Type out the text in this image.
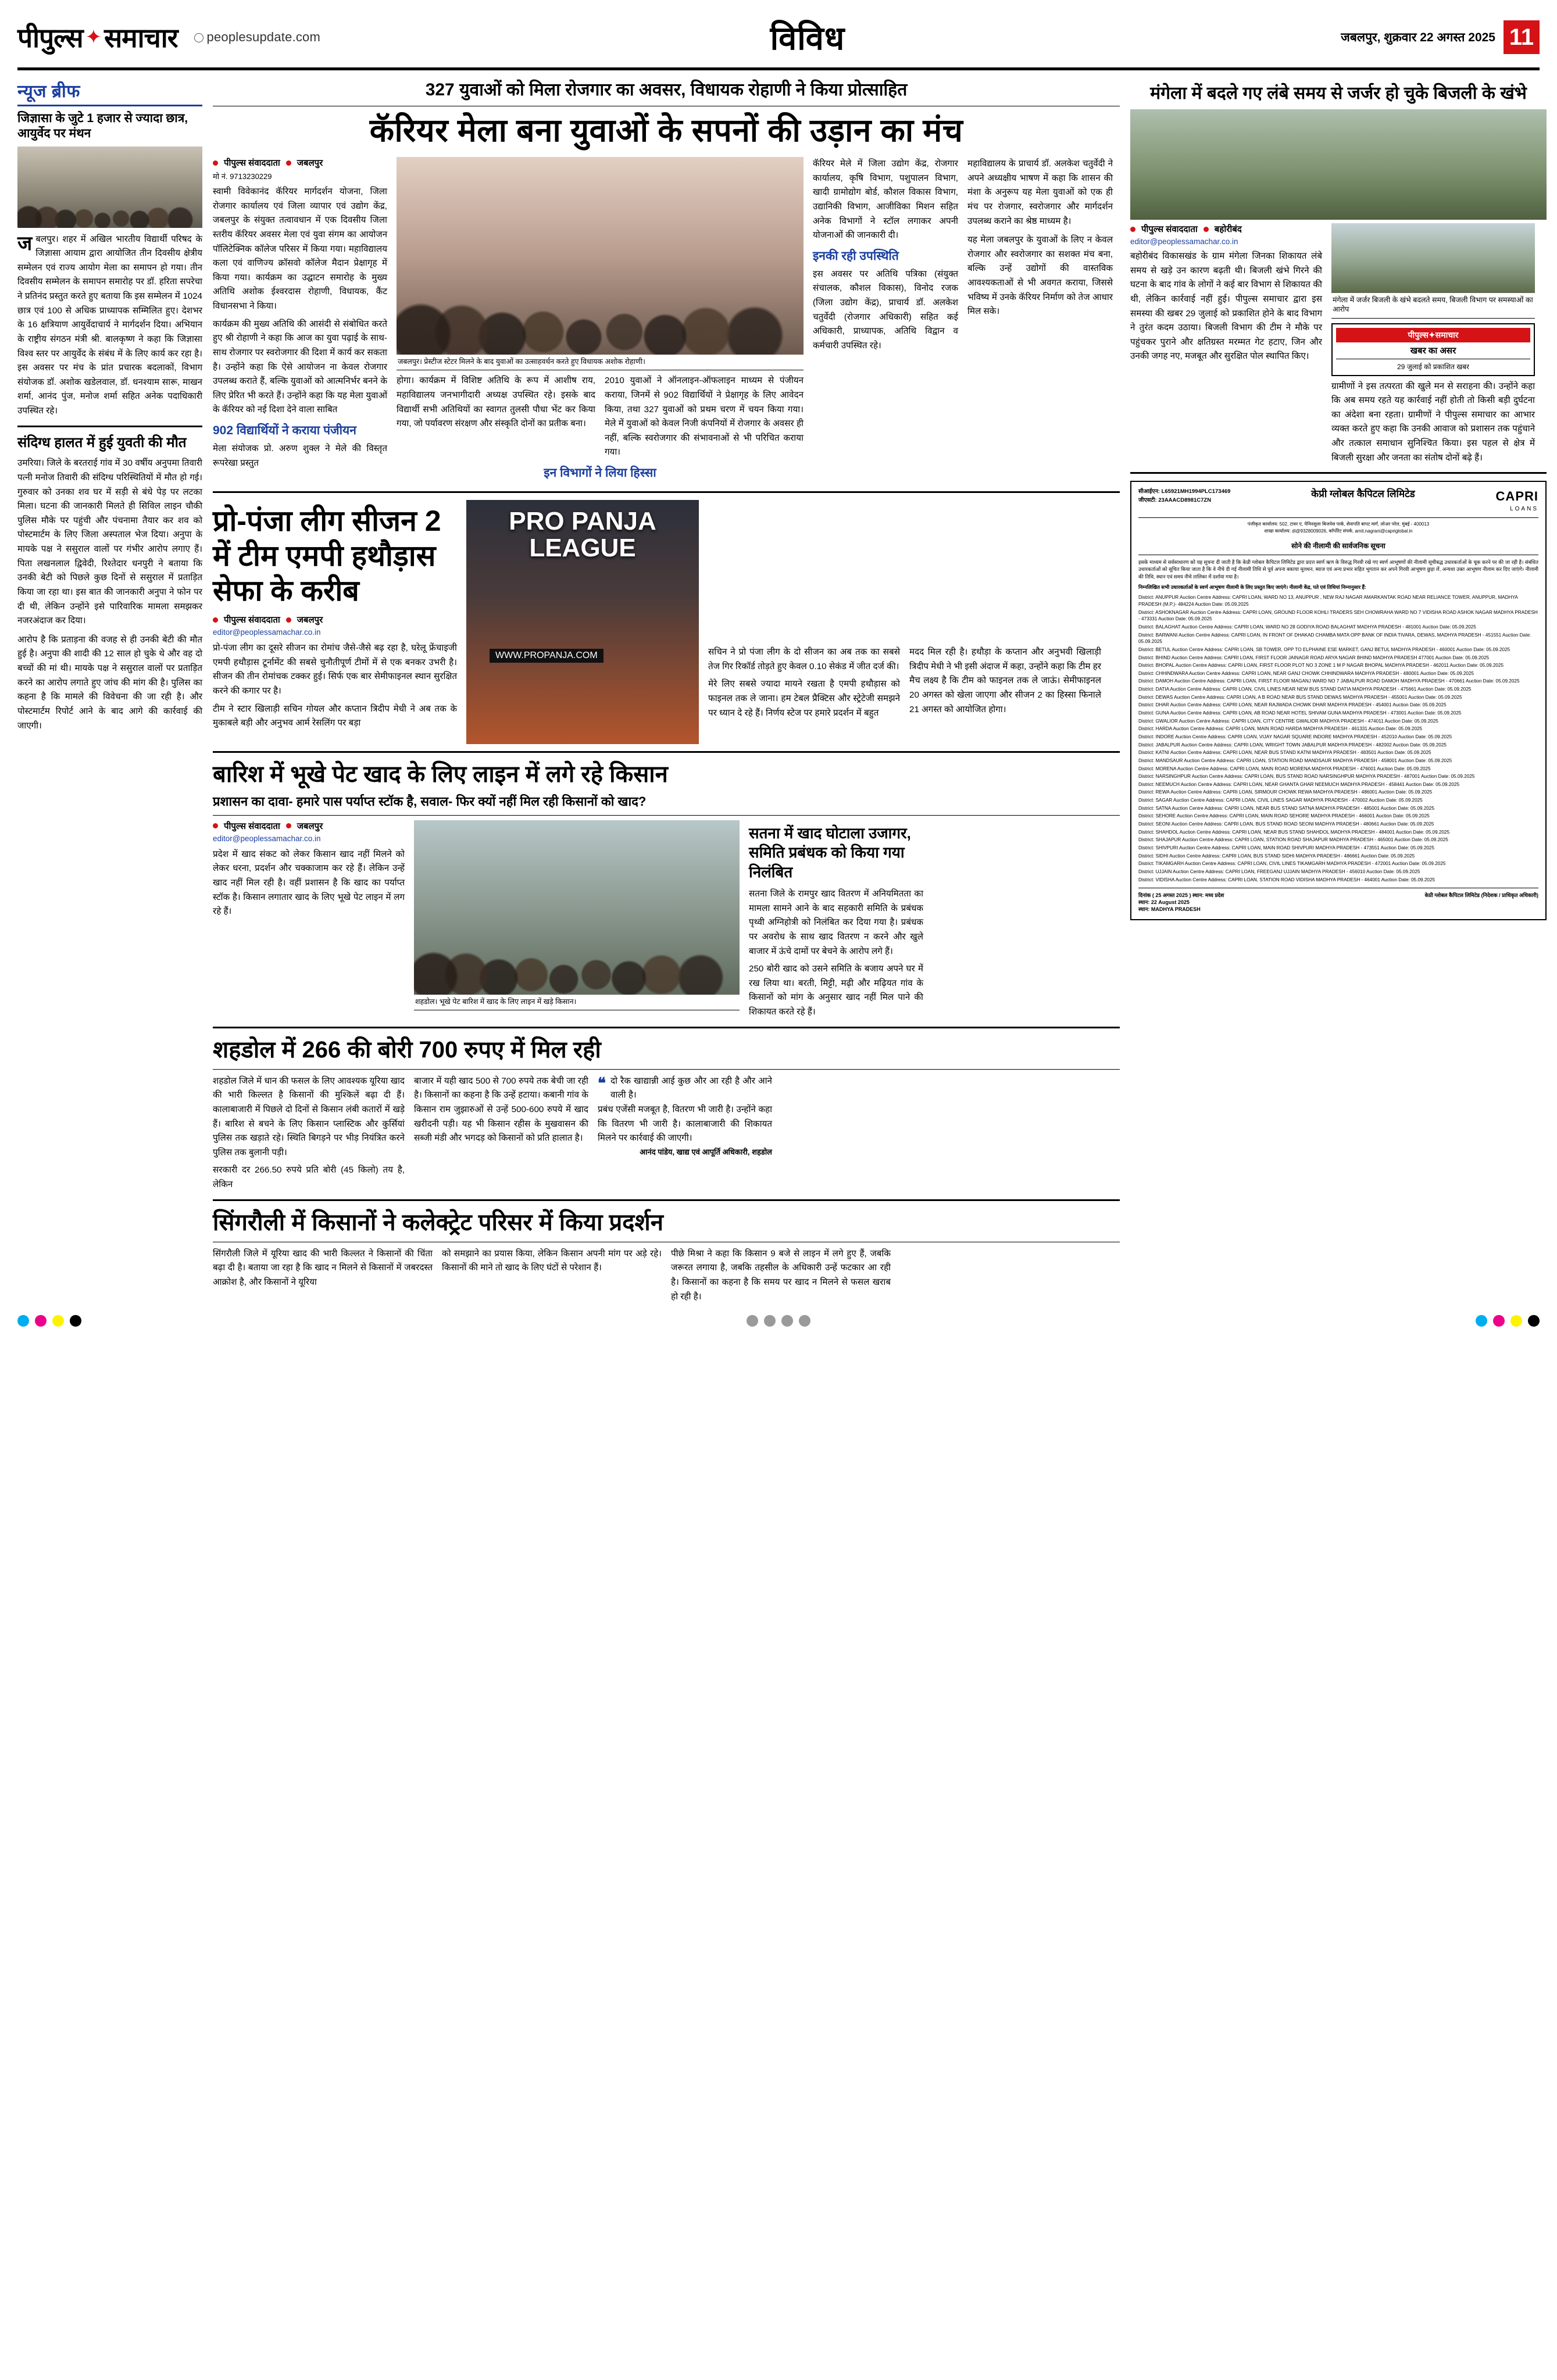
पीपुल्स ✦ समाचार	peoplesupdate.com	विविध	जबलपुर, शुक्रवार 22 अगस्त 2025 11
न्यूज ब्रीफ
जिज्ञासा के जुटे 1 हजार से ज्यादा छात्र, आयुर्वेद पर मंथन
जबलपुर। शहर में अखिल भारतीय विद्यार्थी परिषद के जिज्ञासा आयाम द्वारा आयोजित तीन दिवसीय क्षेत्रीय सम्मेलन एवं राज्य आयोग मेला का समापन हो गया। तीन दिवसीय सम्मेलन के समापन समारोह पर डॉ. हरिता सपरेचा ने प्रतिनंद प्रस्तुत करते हुए बताया कि इस सम्मेलन में 1024 छात्र एवं 100 से अधिक प्राध्यापक सम्मिलित हुए। देशभर के 16 क्षत्रियाण आयुर्वेदाचार्य ने मार्गदर्शन दिया। अभियान के राष्ट्रीय संगठन मंत्री श्री. बालकृष्ण ने कहा कि जिज्ञासा विश्व स्तर पर आयुर्वेद के संबंध में के लिए कार्य कर रहा है। इस अवसर पर मंच के प्रांत प्रचारक बदलाकों, विभाग संयोजक डॉ. अशोक खडेलवाल, डॉ. धनश्याम सारू, माखन शर्मा, आनंद पुंज, मनोज शर्मा सहित अनेक पदाधिकारी उपस्थित रहे।
संदिग्ध हालत में हुई युवती की मौत
उमरिया। जिले के बरतराई गांव में 30 वर्षीय अनुपमा तिवारी पत्नी मनोज तिवारी की संदिग्ध परिस्थितियों में मौत हो गई। गुरुवार को उनका शव घर में सड़ी से बंधे पेड़ पर लटका मिला। घटना की जानकारी मिलते ही सिविल लाइन चौकी पुलिस मौके पर पहुंची और पंचनामा तैयार कर शव को पोस्टमार्टम के लिए जिला अस्पताल भेज दिया। अनुपा के मायके पक्ष ने ससुराल वालों पर गंभीर आरोप लगाए हैं। पिता लखनलाल द्विवेदी, रिश्तेदार धनपुरी ने बताया कि उनकी बेटी को पिछले कुछ दिनों से ससुराल में प्रताड़ित किया जा रहा था। इस बात की जानकारी अनुपा ने फोन पर दी थी, लेकिन उन्होंने इसे पारिवारिक मामला समझकर नजरअंदाज कर दिया।
आरोप है कि प्रताड़ना की वजह से ही उनकी बेटी की मौत हुई है। अनुपा की शादी की 12 साल हो चुके थे और वह दो बच्चों की मां थी। मायके पक्ष ने ससुराल वालों पर प्रताड़ित करने का आरोप लगाते हुए जांच की मांग की है। पुलिस का कहना है कि मामले की विवेचना की जा रही है। और पोस्टमार्टम रिपोर्ट आने के बाद आगे की कार्रवाई की जाएगी।
327 युवाओं को मिला रोजगार का अवसर, विधायक रोहाणी ने किया प्रोत्साहित
कॅरियर मेला बना युवाओं के सपनों की उड़ान का मंच
पीपुल्स संवाददाता जबलपुर
मो नं. 9713230229
स्वामी विवेकानंद कॅरियर मार्गदर्शन योजना, जिला रोजगार कार्यालय एवं जिला व्यापार एवं उद्योग केंद्र, जबलपुर के संयुक्त तत्वावधान में एक दिवसीय जिला स्तरीय कॅरियर अवसर मेला एवं युवा संगम का आयोजन पॉलिटेक्निक कॉलेज परिसर में किया गया। महाविद्यालय कला एवं वाणिज्य क्रॉसवो कॉलेज मैदान प्रेक्षागृह में किया गया। कार्यक्रम का उद्घाटन समारोह के मुख्य अतिथि अशोक ईश्वरदास रोहाणी, विधायक, कैंट विधानसभा ने किया।
कार्यक्रम की मुख्य अतिथि की आसंदी से संबोधित करते हुए श्री रोहाणी ने कहा कि आज का युवा पढ़ाई के साथ-साथ रोजगार पर स्वरोजगार की दिशा में कार्य कर सकता है। उन्होंने कहा कि ऐसे आयोजन ना केवल रोजगार उपलब्ध कराते हैं, बल्कि युवाओं को आत्मनिर्भर बनने के लिए प्रेरित भी करते हैं। उन्होंने कहा कि यह मेला युवाओं के कॅरियर को नई दिशा देने वाला साबित
902 विद्यार्थियों ने कराया पंजीयन
मेला संयोजक प्रो. अरुण शुक्ल ने मेले की विस्तृत रूपरेखा प्रस्तुत
जबलपुर। प्रेस्टीज स्टेटर मिलने के बाद युवाओं का उत्साहवर्धन करते हुए विधायक अशोक रोहाणी।
होगा। कार्यक्रम में विशिष्ट अतिथि के रूप में आशीष राय, महाविद्यालय जनभागीदारी अध्यक्ष उपस्थित रहे। इसके बाद विद्यार्थी सभी अतिथियों का स्वागत तुलसी पौधा भेंट कर किया गया, जो पर्यावरण संरक्षण और संस्कृति दोनों का प्रतीक बना।
2010 युवाओं ने ऑनलाइन-ऑफलाइन माध्यम से पंजीयन कराया, जिनमें से 902 विद्यार्थियों ने प्रेक्षागृह के लिए आवेदन किया, तथा 327 युवाओं को प्रथम चरण में चयन किया गया। मेले में युवाओं को केवल निजी कंपनियों में रोजगार के अवसर ही नहीं, बल्कि स्वरोजगार की संभावनाओं से भी परिचित कराया गया।
इन विभागों ने लिया हिस्सा
कॅरियर मेले में जिला उद्योग केंद्र, रोजगार कार्यालय, कृषि विभाग, पशुपालन विभाग, खादी ग्रामोद्योग बोर्ड, कौशल विकास विभाग, उद्यानिकी विभाग, आजीविका मिशन सहित अनेक विभागों ने स्टॉल लगाकर अपनी योजनाओं की जानकारी दी।
इनकी रही उपस्थिति
इस अवसर पर अतिथि पत्रिका (संयुक्त संचालक, कौशल विकास), विनोद रजक (जिला उद्योग केंद्र), प्राचार्य डॉ. अलकेश चतुर्वेदी (रोजगार अधिकारी) सहित कई अधिकारी, प्राध्यापक, अतिथि विद्वान व कर्मचारी उपस्थित रहे।
महाविद्यालय के प्राचार्य डॉ. अलकेश चतुर्वेदी ने अपने अध्यक्षीय भाषण में कहा कि शासन की मंशा के अनुरूप यह मेला युवाओं को एक ही मंच पर रोजगार, स्वरोजगार और मार्गदर्शन उपलब्ध कराने का श्रेष्ठ माध्यम है।
यह मेला जबलपुर के युवाओं के लिए न केवल रोजगार और स्वरोजगार का सशक्त मंच बना, बल्कि उन्हें उद्योगों की वास्तविक आवश्यकताओं से भी अवगत कराया, जिससे भविष्य में उनके कॅरियर निर्माण को तेज आधार मिल सके।
प्रो-पंजा लीग सीजन 2 में टीम एमपी हथौड़ास सेफा के करीब
पीपुल्स संवाददाता जबलपुर
editor@peoplessamachar.co.in
प्रो-पंजा लीग का दूसरे सीजन का रोमांच जैसे-जैसे बढ़ रहा है, घरेलू फ्रेंचाइजी एमपी हथौड़ास टूर्नामेंट की सबसे चुनौतीपूर्ण टीमों में से एक बनकर उभरी है। सीजन की तीन रोमांचक टक्कर हुई। सिर्फ एक बार सेमीफाइनल स्थान सुरक्षित करने की कगार पर है।
टीम ने स्टार खिलाड़ी सचिन गोयल और कप्तान त्रिदीप मेधी ने अब तक के मुकाबले बड़ी और अनुभव आर्म रेसलिंग पर बड़ा
PRO PANJA LEAGUE
WWW.PROPANJA.COM	सचिन ने प्रो पंजा लीग के दो सीजन का अब तक का सबसे तेज गिर रिकॉर्ड तोड़ते हुए केवल 0.10 सेकंड में जीत दर्ज की।
मेरे लिए सबसे ज्यादा मायने रखता है एमपी हथौड़ास को फाइनल तक ले जाना। हम टेबल प्रैक्टिस और स्ट्रेटेजी समझने पर ध्यान दे रहे हैं। निर्णय स्टेज पर हमारे प्रदर्शन में बहुत
मदद मिल रही है। हथौड़ा के कप्तान और अनुभवी खिलाड़ी त्रिदीप मेधी ने भी इसी अंदाज में कहा, उन्होंने कहा कि टीम हर मैच लक्ष्य है कि टीम को फाइनल तक ले जाऊं। सेमीफाइनल 20 अगस्त को खेला जाएगा और सीजन 2 का हिस्सा फिनाले 21 अगस्त को आयोजित होगा।
बारिश में भूखे पेट खाद के लिए लाइन में लगे रहे किसान
प्रशासन का दावा- हमारे पास पर्याप्त स्टॉक है, सवाल- फिर क्यों नहीं मिल रही किसानों को खाद?
पीपुल्स संवाददाता जबलपुर
editor@peoplessamachar.co.in
प्रदेश में खाद संकट को लेकर किसान खाद नहीं मिलने को लेकर धरना, प्रदर्शन और चक्काजाम कर रहे हैं। लेकिन उन्हें खाद नहीं मिल रही है। वहीं प्रशासन है कि खाद का पर्याप्त स्टॉक है। किसान लगातार खाद के लिए भूखे पेट लाइन में लग रहे हैं।
शहडोल। भूखे पेट बारिश में खाद के लिए लाइन में खड़े किसान।
सतना में खाद घोटाला उजागर, समिति प्रबंधक को किया गया निलंबित
सतना जिले के रामपुर खाद वितरण में अनियमितता का मामला सामने आने के बाद सहकारी समिति के प्रबंधक पृथ्वी अग्निहोत्री को निलंबित कर दिया गया है। प्रबंधक पर अवरोध के साथ खाद वितरण न करने और खुले बाजार में ऊंचे दामों पर बेचने के आरोप लगे हैं।
250 बोरी खाद को उसने समिति के बजाय अपने घर में रख लिया था। बरती, मिट्टी, मढ़ी और मढ़ियत गांव के किसानों को मांग के अनुसार खाद नहीं मिल पाने की शिकायत करते रहे हैं।
शहडोल में 266 की बोरी 700 रुपए में मिल रही
शहडोल जिले में धान की फसल के लिए आवश्यक यूरिया खाद की भारी किल्लत है किसानों की मुश्किलें बढ़ा दी हैं। कालाबाजारी में पिछले दो दिनों से किसान लंबी कतारों में खड़े हैं। बारिश से बचने के लिए किसान प्लास्टिक और कुर्सियां पुलिस तक खड़ाते रहे। स्थिति बिगड़ने पर भीड़ नियंत्रित करने पुलिस तक बुलानी पड़ी।
सरकारी दर 266.50 रुपये प्रति बोरी (45 किलो) तय है, लेकिन
बाजार में यही खाद 500 से 700 रुपये तक बेची जा रही है। किसानों का कहना है कि उन्हें हटाया। कबानी गांव के किसान राम जुझारुओं से उन्हें 500-600 रुपये में खाद खरीदनी पड़ी। यह भी किसान रहीस के मुखवासन की सब्जी मंडी और भगदड़ को किसानों को प्रति हालात है।
❝ दो रैक खाद्यान्नी आई कुछ और आ रही है और आने वाली है।
प्रबंध एजेंसी मजबूत है, वितरण भी जारी है। उन्होंने कहा कि वितरण भी जारी है। कालाबाजारी की शिकायत मिलने पर कार्रवाई की जाएगी।
आनंद पांडेय, खाद्य एवं आपूर्ति अधिकारी, शहडोल
सिंगरौली में किसानों ने कलेक्ट्रेट परिसर में किया प्रदर्शन
सिंगरौली जिले में यूरिया खाद की भारी किल्लत ने किसानों की चिंता बढ़ा दी है। बताया जा रहा है कि खाद न मिलने से किसानों में जबरदस्त आक्रोश है, और किसानों ने यूरिया
को समझाने का प्रयास किया, लेकिन किसान अपनी मांग पर अड़े रहे। किसानों की माने तो खाद के लिए घंटों से परेशान हैं।
पीछे मिश्रा ने कहा कि किसान 9 बजे से लाइन में लगे हुए हैं, जबकि जरूरत लगाया है, जबकि तहसील के अधिकारी उन्हें फटकार आ रही है। किसानों का कहना है कि समय पर खाद न मिलने से फसल खराब हो रही है।
मंगेला में बदले गए लंबे समय से जर्जर हो चुके बिजली के खंभे
पीपुल्स संवाददाता बहोरीबंद
editor@peoplessamachar.co.in
बहोरीबंद विकासखंड के ग्राम मंगेला जिनका शिकायत लंबे समय से खड़े उन कारण बढ़ती थी। बिजली खंभे गिरने की घटना के बाद गांव के लोगों ने कई बार विभाग से शिकायत की थी, लेकिन कार्रवाई नहीं हुई। पीपुल्स समाचार द्वारा इस समस्या की खबर 29 जुलाई को प्रकाशित होने के बाद विभाग ने तुरंत कदम उठाया। बिजली विभाग की टीम ने मौके पर पहुंचकर पुराने और क्षतिग्रस्त मरम्मत गेट हटाए, जिन और उनकी जगह नए, मजबूत और सुरक्षित पोल स्थापित किए।
मंगेला में जर्जर बिजली के खंभे बदलते समय, बिजली विभाग पर समस्याओं का आरोप
पीपुल्स✦समाचार
खबर का असर
29 जुलाई को प्रकाशित खबर
ग्रामीणों ने इस तत्परता की खुले मन से सराहना की। उन्होंने कहा कि अब समय रहते यह कार्रवाई नहीं होती तो किसी बड़ी दुर्घटना का अंदेशा बना रहता। ग्रामीणों ने पीपुल्स समाचार का आभार व्यक्त करते हुए कहा कि उनकी आवाज को प्रशासन तक पहुंचाने और तत्काल समाधान सुनिश्चित किया। इस पहल से क्षेत्र में बिजली सुरक्षा और जनता का संतोष दोनों बढ़े हैं।
सीआईएन: L65921MH1994PLC173469
जीएसटी: 23AAACD8981C7ZN
केप्री ग्लोबल कैपिटल लिमिटेड	CAPRI
LOANS
पंजीकृत कार्यालय: 502, टावर ए, पेनिनसुला बिजनेस पार्क, सेनापति बापट मार्ग, लोअर परेल, मुंबई - 400013
शाखा कार्यालय: dl@9328009026, कॉर्पोरेट संपर्क, amit.nagrani@capriglobal.in
सोने की नीलामी की सार्वजनिक सूचना
इसके माध्यम से सर्वसाधारण को यह सूचना दी जाती है कि केप्री ग्लोबल कैपिटल लिमिटेड द्वारा प्रदत्त स्वर्ण ऋण के विरुद्ध गिरवी रखे गए स्वर्ण आभूषणों की नीलामी सूचीबद्ध उधारकर्ताओं के चूक करने पर की जा रही है। संबंधित उधारकर्ताओं को सूचित किया जाता है कि वे नीचे दी गई नीलामी तिथि से पूर्व अपना बकाया मूलधन, ब्याज एवं अन्य प्रभार सहित भुगतान कर अपने गिरवी आभूषण छुड़ा लें, अन्यथा उक्त आभूषण नीलाम कर दिए जाएंगे। नीलामी की तिथि, स्थान एवं समय नीचे तालिका में दर्शाया गया है।
निम्नलिखित सभी उधारकर्ताओं के स्वर्ण आभूषण नीलामी के लिए प्रस्तुत किए जाएंगे। नीलामी केंद्र, पते एवं तिथियां निम्नानुसार हैं:
District: ANUPPUR Auction Centre Address: CAPRI LOAN, WARD NO 13, ANUPPUR , NEW RAJ NAGAR AMARKANTAK ROAD NEAR RELIANCE TOWER, ANUPPUR, MADHYA PRADESH (M.P.)- 484224 Auction Date: 05.09.2025
District: ASHOKNAGAR Auction Centre Address: CAPRI LOAN, GROUND FLOOR KOHLI TRADERS SEH CHOWRAHA WARD NO 7 VIDISHA ROAD ASHOK NAGAR MADHYA PRADESH - 473331 Auction Date: 05.09.2025
District: BALAGHAT Auction Centre Address: CAPRI LOAN, WARD NO 28 GODIYA ROAD BALAGHAT MADHYA PRADESH - 481001 Auction Date: 05.09.2025
District: BARWANI Auction Centre Address: CAPRI LOAN, IN FRONT OF DHAKAD CHAMBA MATA OPP BANK OF INDIA TIVARA, DEWAS, MADHYA PRADESH - 451551 Auction Date: 05.09.2025
District: BETUL Auction Centre Address: CAPRI LOAN, SB TOWER, OPP TO ELPHAINE ESE MARKET, GANJ BETUL MADHYA PRADESH - 460001 Auction Date: 05.09.2025
District: BHIND Auction Centre Address: CAPRI LOAN, FIRST FLOOR JAINAGR ROAD ARYA NAGAR BHIND MADHYA PRADESH 477001 Auction Date: 05.09.2025
District: BHOPAL Auction Centre Address: CAPRI LOAN, FIRST FLOOR PLOT NO 3 ZONE 1 M P NAGAR BHOPAL MADHYA PRADESH - 462011 Auction Date: 05.09.2025
District: CHHINDWARA Auction Centre Address: CAPRI LOAN, NEAR GANJ CHOWK CHHINDWARA MADHYA PRADESH - 480001 Auction Date: 05.09.2025
District: DAMOH Auction Centre Address: CAPRI LOAN, FIRST FLOOR MAGANJ WARD NO 7 JABALPUR ROAD DAMOH MADHYA PRADESH - 470661 Auction Date: 05.09.2025
District: DATIA Auction Centre Address: CAPRI LOAN, CIVIL LINES NEAR NEW BUS STAND DATIA MADHYA PRADESH - 475661 Auction Date: 05.09.2025
District: DEWAS Auction Centre Address: CAPRI LOAN, A B ROAD NEAR BUS STAND DEWAS MADHYA PRADESH - 455001 Auction Date: 05.09.2025
District: DHAR Auction Centre Address: CAPRI LOAN, NEAR RAJWADA CHOWK DHAR MADHYA PRADESH - 454001 Auction Date: 05.09.2025
District: GUNA Auction Centre Address: CAPRI LOAN, AB ROAD NEAR HOTEL SHIVAM GUNA MADHYA PRADESH - 473001 Auction Date: 05.09.2025
District: GWALIOR Auction Centre Address: CAPRI LOAN, CITY CENTRE GWALIOR MADHYA PRADESH - 474011 Auction Date: 05.09.2025
District: HARDA Auction Centre Address: CAPRI LOAN, MAIN ROAD HARDA MADHYA PRADESH - 461331 Auction Date: 05.09.2025
District: INDORE Auction Centre Address: CAPRI LOAN, VIJAY NAGAR SQUARE INDORE MADHYA PRADESH - 452010 Auction Date: 05.09.2025
District: JABALPUR Auction Centre Address: CAPRI LOAN, WRIGHT TOWN JABALPUR MADHYA PRADESH - 482002 Auction Date: 05.09.2025
District: KATNI Auction Centre Address: CAPRI LOAN, NEAR BUS STAND KATNI MADHYA PRADESH - 483501 Auction Date: 05.09.2025
District: MANDSAUR Auction Centre Address: CAPRI LOAN, STATION ROAD MANDSAUR MADHYA PRADESH - 458001 Auction Date: 05.09.2025
District: MORENA Auction Centre Address: CAPRI LOAN, MAIN ROAD MORENA MADHYA PRADESH - 476001 Auction Date: 05.09.2025
District: NARSINGHPUR Auction Centre Address: CAPRI LOAN, BUS STAND ROAD NARSINGHPUR MADHYA PRADESH - 487001 Auction Date: 05.09.2025
District: NEEMUCH Auction Centre Address: CAPRI LOAN, NEAR GHANTA GHAR NEEMUCH MADHYA PRADESH - 458441 Auction Date: 05.09.2025
District: REWA Auction Centre Address: CAPRI LOAN, SIRMOUR CHOWK REWA MADHYA PRADESH - 486001 Auction Date: 05.09.2025
District: SAGAR Auction Centre Address: CAPRI LOAN, CIVIL LINES SAGAR MADHYA PRADESH - 470002 Auction Date: 05.09.2025
District: SATNA Auction Centre Address: CAPRI LOAN, NEAR BUS STAND SATNA MADHYA PRADESH - 485001 Auction Date: 05.09.2025
District: SEHORE Auction Centre Address: CAPRI LOAN, MAIN ROAD SEHORE MADHYA PRADESH - 466001 Auction Date: 05.09.2025
District: SEONI Auction Centre Address: CAPRI LOAN, BUS STAND ROAD SEONI MADHYA PRADESH - 480661 Auction Date: 05.09.2025
District: SHAHDOL Auction Centre Address: CAPRI LOAN, NEAR BUS STAND SHAHDOL MADHYA PRADESH - 484001 Auction Date: 05.09.2025
District: SHAJAPUR Auction Centre Address: CAPRI LOAN, STATION ROAD SHAJAPUR MADHYA PRADESH - 465001 Auction Date: 05.09.2025
District: SHIVPURI Auction Centre Address: CAPRI LOAN, MAIN ROAD SHIVPURI MADHYA PRADESH - 473551 Auction Date: 05.09.2025
District: SIDHI Auction Centre Address: CAPRI LOAN, BUS STAND SIDHI MADHYA PRADESH - 486661 Auction Date: 05.09.2025
District: TIKAMGARH Auction Centre Address: CAPRI LOAN, CIVIL LINES TIKAMGARH MADHYA PRADESH - 472001 Auction Date: 05.09.2025
District: UJJAIN Auction Centre Address: CAPRI LOAN, FREEGANJ UJJAIN MADHYA PRADESH - 456010 Auction Date: 05.09.2025
District: VIDISHA Auction Centre Address: CAPRI LOAN, STATION ROAD VIDISHA MADHYA PRADESH - 464001 Auction Date: 05.09.2025
दिनांक ( 25 अगस्त 2025 ) स्थान: मध्य प्रदेश
स्थान: 22 August 2025
स्थान: MADHYA PRADESH
केप्री ग्लोबल कैपिटल लिमिटेड (निदेशक / प्राधिकृत अधिकारी)
